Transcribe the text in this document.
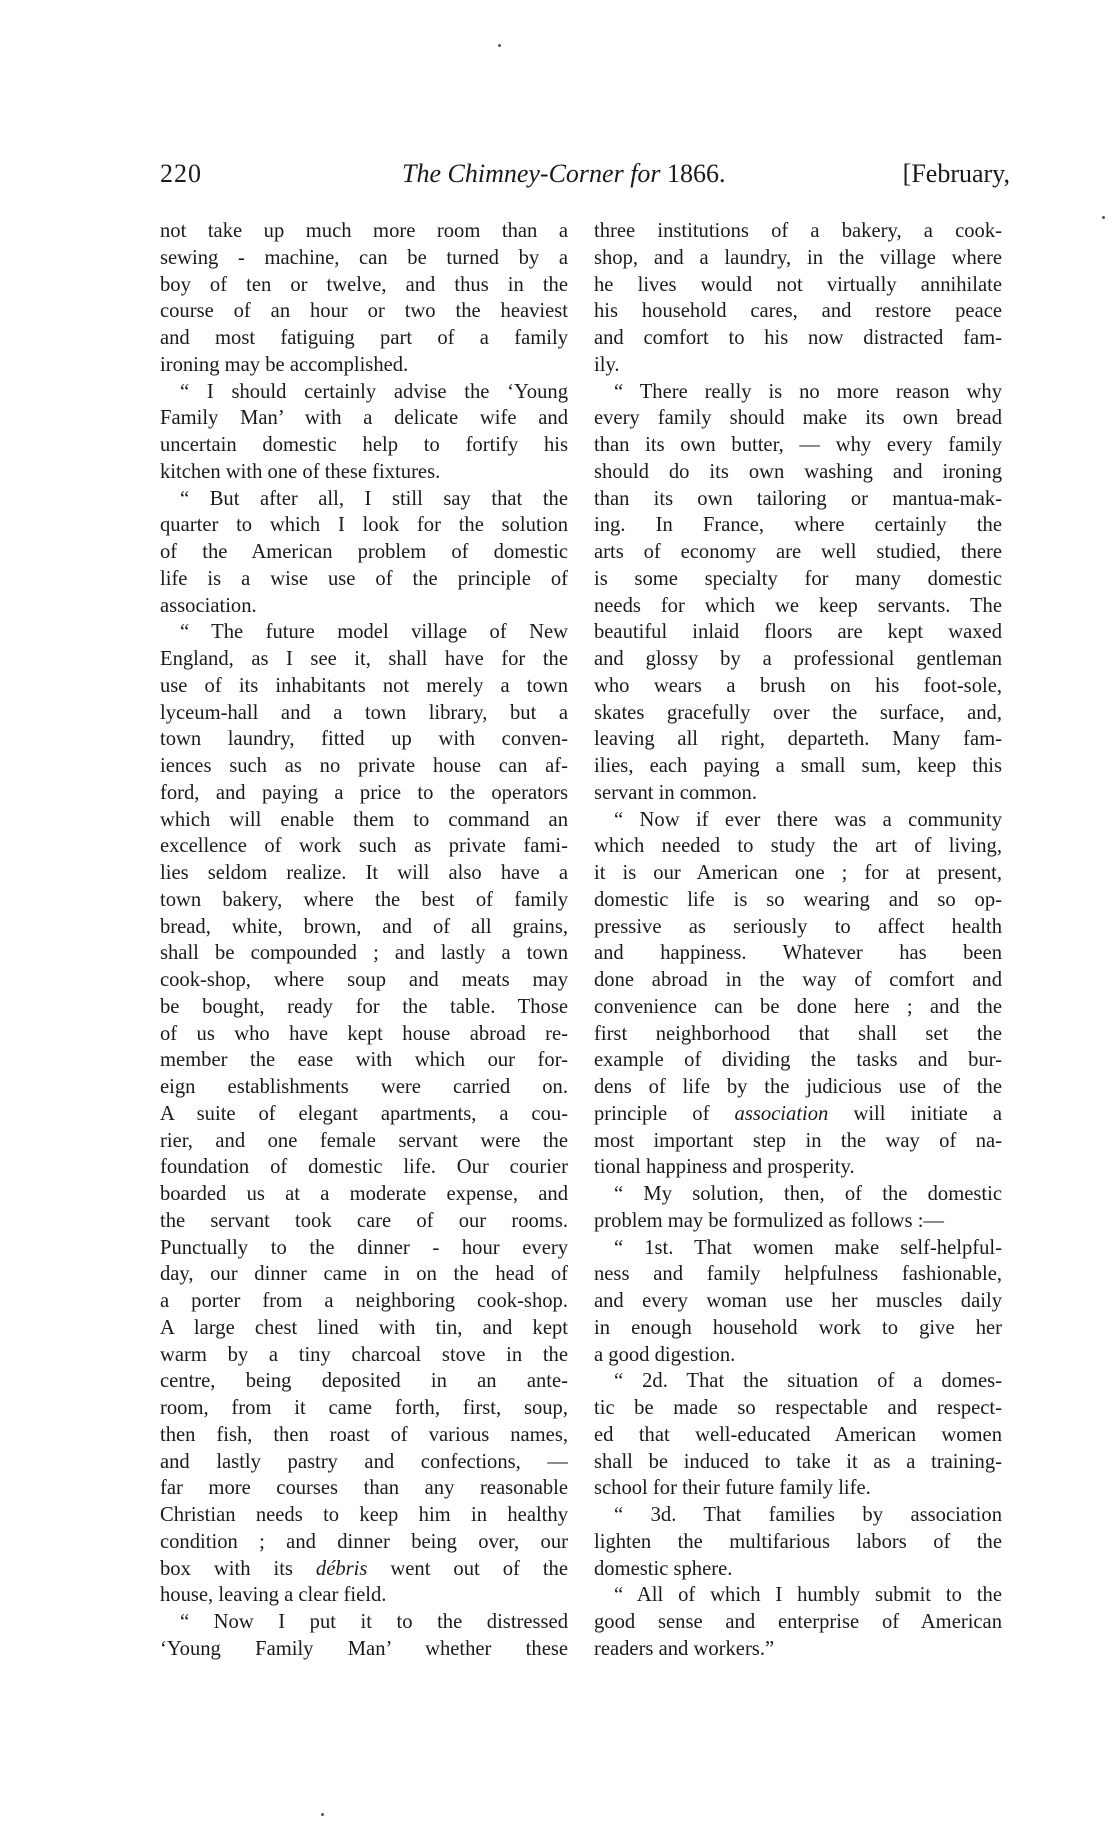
220	The Chimney-Corner for 1866.	[February,
not take up much more room than a
sewing - machine, can be turned by a
boy of ten or twelve, and thus in the
course of an hour or two the heaviest
and most fatiguing part of a family
ironing may be accomplished.
“ I should certainly advise the ‘Young
Family Man’ with a delicate wife and
uncertain domestic help to fortify his
kitchen with one of these fixtures.
“ But after all, I still say that the
quarter to which I look for the solution
of the American problem of domestic
life is a wise use of the principle of
association.
“ The future model village of New
England, as I see it, shall have for the
use of its inhabitants not merely a town
lyceum-hall and a town library, but a
town laundry, fitted up with conven-
iences such as no private house can af-
ford, and paying a price to the operators
which will enable them to command an
excellence of work such as private fami-
lies seldom realize. It will also have a
town bakery, where the best of family
bread, white, brown, and of all grains,
shall be compounded ; and lastly a town
cook-shop, where soup and meats may
be bought, ready for the table. Those
of us who have kept house abroad re-
member the ease with which our for-
eign establishments were carried on.
A suite of elegant apartments, a cou-
rier, and one female servant were the
foundation of domestic life. Our courier
boarded us at a moderate expense, and
the servant took care of our rooms.
Punctually to the dinner - hour every
day, our dinner came in on the head of
a porter from a neighboring cook-shop.
A large chest lined with tin, and kept
warm by a tiny charcoal stove in the
centre, being deposited in an ante-
room, from it came forth, first, soup,
then fish, then roast of various names,
and lastly pastry and confections, —
far more courses than any reasonable
Christian needs to keep him in healthy
condition ; and dinner being over, our
box with its débris went out of the
house, leaving a clear field.
“ Now I put it to the distressed
‘Young Family Man’ whether these
three institutions of a bakery, a cook-
shop, and a laundry, in the village where
he lives would not virtually annihilate
his household cares, and restore peace
and comfort to his now distracted fam-
ily.
“ There really is no more reason why
every family should make its own bread
than its own butter, — why every family
should do its own washing and ironing
than its own tailoring or mantua-mak-
ing. In France, where certainly the
arts of economy are well studied, there
is some specialty for many domestic
needs for which we keep servants. The
beautiful inlaid floors are kept waxed
and glossy by a professional gentleman
who wears a brush on his foot-sole,
skates gracefully over the surface, and,
leaving all right, departeth. Many fam-
ilies, each paying a small sum, keep this
servant in common.
“ Now if ever there was a community
which needed to study the art of living,
it is our American one ; for at present,
domestic life is so wearing and so op-
pressive as seriously to affect health
and happiness. Whatever has been
done abroad in the way of comfort and
convenience can be done here ; and the
first neighborhood that shall set the
example of dividing the tasks and bur-
dens of life by the judicious use of the
principle of association will initiate a
most important step in the way of na-
tional happiness and prosperity.
“ My solution, then, of the domestic
problem may be formulized as follows :—
“ 1st. That women make self-helpful-
ness and family helpfulness fashionable,
and every woman use her muscles daily
in enough household work to give her
a good digestion.
“ 2d. That the situation of a domes-
tic be made so respectable and respect-
ed that well-educated American women
shall be induced to take it as a training-
school for their future family life.
“ 3d. That families by association
lighten the multifarious labors of the
domestic sphere.
“ All of which I humbly submit to the
good sense and enterprise of American
readers and workers.”
